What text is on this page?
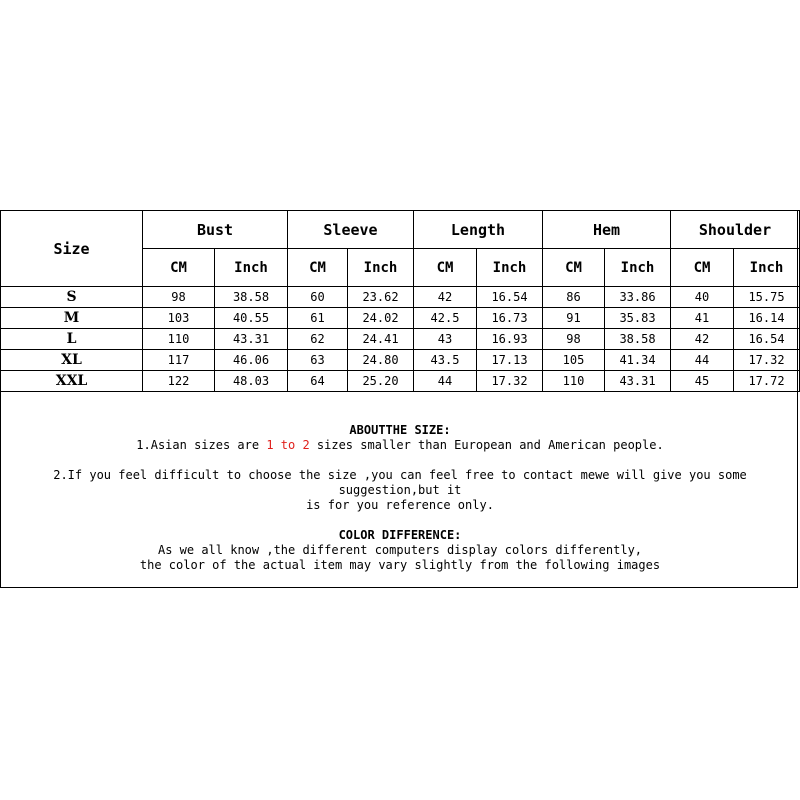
Size	Bust		Sleeve		Length		Hem		Shoulder	
	CM	Inch	CM	Inch	CM	Inch	CM	Inch	CM	Inch
S	98	38.58	60	23.62	42	16.54	86	33.86	40	15.75
M	103	40.55	61	24.02	42.5	16.73	91	35.83	41	16.14
L	110	43.31	62	24.41	43	16.93	98	38.58	42	16.54
XL	117	46.06	63	24.80	43.5	17.13	105	41.34	44	17.32
XXL	122	48.03	64	25.20	44	17.32	110	43.31	45	17.72
ABOUTTHE SIZE:
1.Asian sizes are 1 to 2 sizes smaller than European and American people.
2.If you feel difficult to choose the size ,you can feel free to contact mewe will give you some suggestion,but it
is for you reference only.
COLOR DIFFERENCE:
As we all know ,the different computers display colors differently,
the color of the actual item may vary slightly from the following images
